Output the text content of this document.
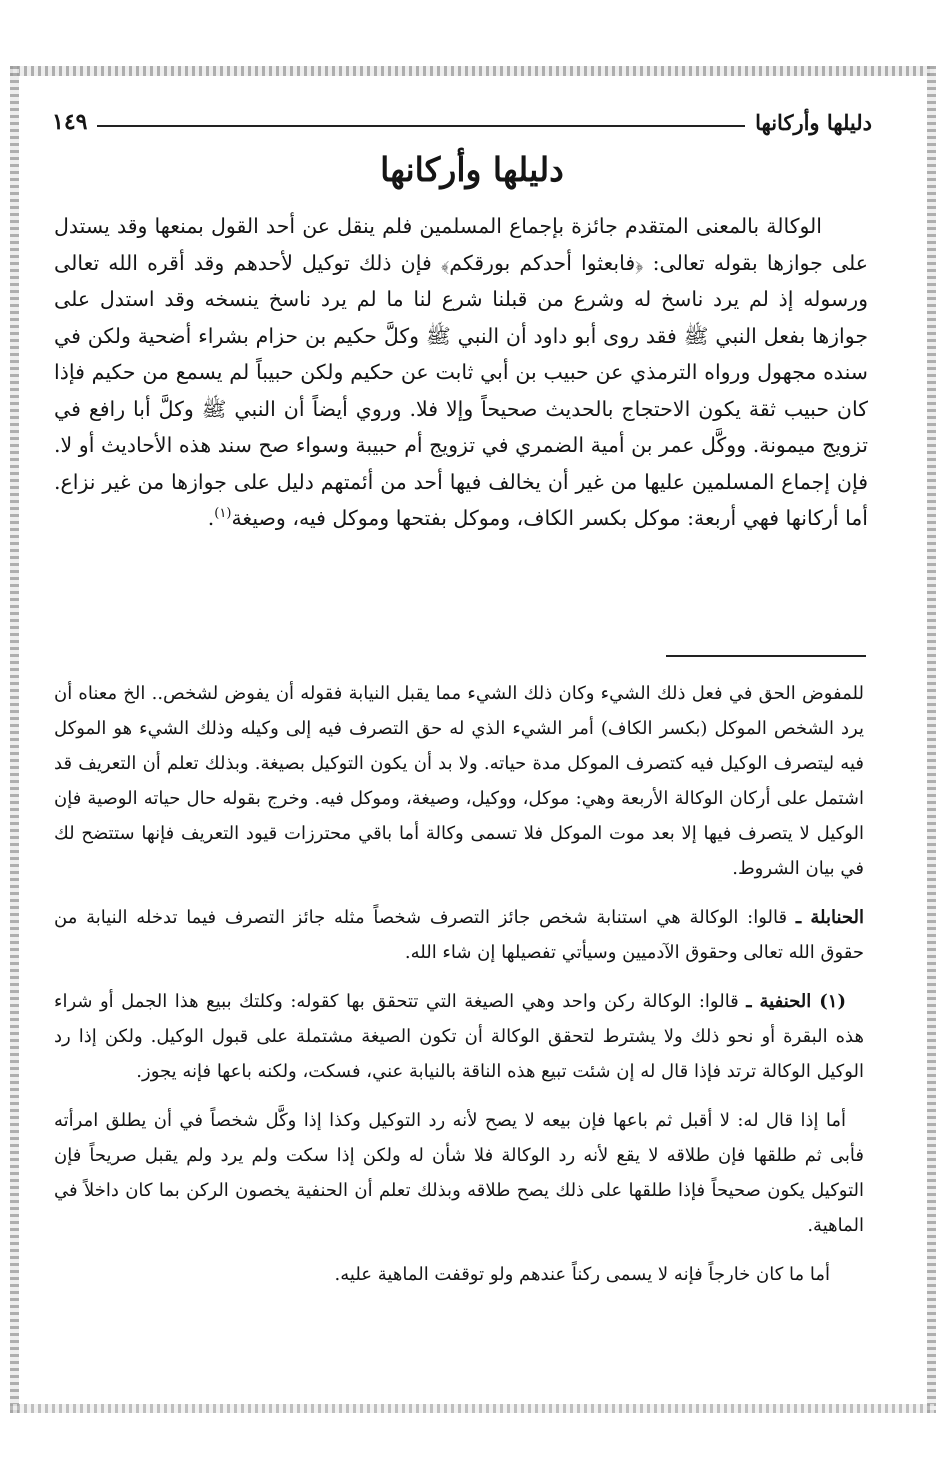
دليلها وأركانها
١٤٩
دليلها وأركانها

الوكالة بالمعنى المتقدم جائزة بإجماع المسلمين فلم ينقل عن أحد القول بمنعها وقد يستدل على جوازها بقوله تعالى: ﴿فابعثوا أحدكم بورقكم﴾ فإن ذلك توكيل لأحدهم وقد أقره الله تعالى ورسوله إذ لم يرد ناسخ له وشرع من قبلنا شرع لنا ما لم يرد ناسخ ينسخه وقد استدل على جوازها بفعل النبي ﷺ فقد روى أبو داود أن النبي ﷺ وكلَّ حكيم بن حزام بشراء أضحية ولكن في سنده مجهول ورواه الترمذي عن حبيب بن أبي ثابت عن حكيم ولكن حبيباً لم يسمع من حكيم فإذا كان حبيب ثقة يكون الاحتجاج بالحديث صحيحاً وإلا فلا. وروي أيضاً أن النبي ﷺ وكلَّ أبا رافع في تزويج ميمونة. ووكَّل عمر بن أمية الضمري في تزويج أم حبيبة وسواء صح سند هذه الأحاديث أو لا. فإن إجماع المسلمين عليها من غير أن يخالف فيها أحد من أئمتهم دليل على جوازها من غير نزاع. أما أركانها فهي أربعة: موكل بكسر الكاف، وموكل بفتحها وموكل فيه، وصيغة$^{(١)}$.

للمفوض الحق في فعل ذلك الشيء وكان ذلك الشيء مما يقبل النيابة فقوله أن يفوض لشخص.. الخ معناه أن يرد الشخص الموكل (بكسر الكاف) أمر الشيء الذي له حق التصرف فيه إلى وكيله وذلك الشيء هو الموكل فيه ليتصرف الوكيل فيه كتصرف الموكل مدة حياته. ولا بد أن يكون التوكيل بصيغة. وبذلك تعلم أن التعريف قد اشتمل على أركان الوكالة الأربعة وهي: موكل، ووكيل، وصيغة، وموكل فيه. وخرج بقوله حال حياته الوصية فإن الوكيل لا يتصرف فيها إلا بعد موت الموكل فلا تسمى وكالة أما باقي محترزات قيود التعريف فإنها ستتضح لك في بيان الشروط.

الحنابلة ـ قالوا: الوكالة هي استنابة شخص جائز التصرف شخصاً مثله جائز التصرف فيما تدخله النيابة من حقوق الله تعالى وحقوق الآدميين وسيأتي تفصيلها إن شاء الله.

(١) الحنفية ـ قالوا: الوكالة ركن واحد وهي الصيغة التي تتحقق بها كقوله: وكلتك ببيع هذا الجمل أو شراء هذه البقرة أو نحو ذلك ولا يشترط لتحقق الوكالة أن تكون الصيغة مشتملة على قبول الوكيل. ولكن إذا رد الوكيل الوكالة ترتد فإذا قال له إن شئت تبيع هذه الناقة بالنيابة عني، فسكت، ولكنه باعها فإنه يجوز.

أما إذا قال له: لا أقبل ثم باعها فإن بيعه لا يصح لأنه رد التوكيل وكذا إذا وكَّل شخصاً في أن يطلق امرأته فأبى ثم طلقها فإن طلاقه لا يقع لأنه رد الوكالة فلا شأن له ولكن إذا سكت ولم يرد ولم يقبل صريحاً فإن التوكيل يكون صحيحاً فإذا طلقها على ذلك يصح طلاقه وبذلك تعلم أن الحنفية يخصون الركن بما كان داخلاً في الماهية.

أما ما كان خارجاً فإنه لا يسمى ركناً عندهم ولو توقفت الماهية عليه.
